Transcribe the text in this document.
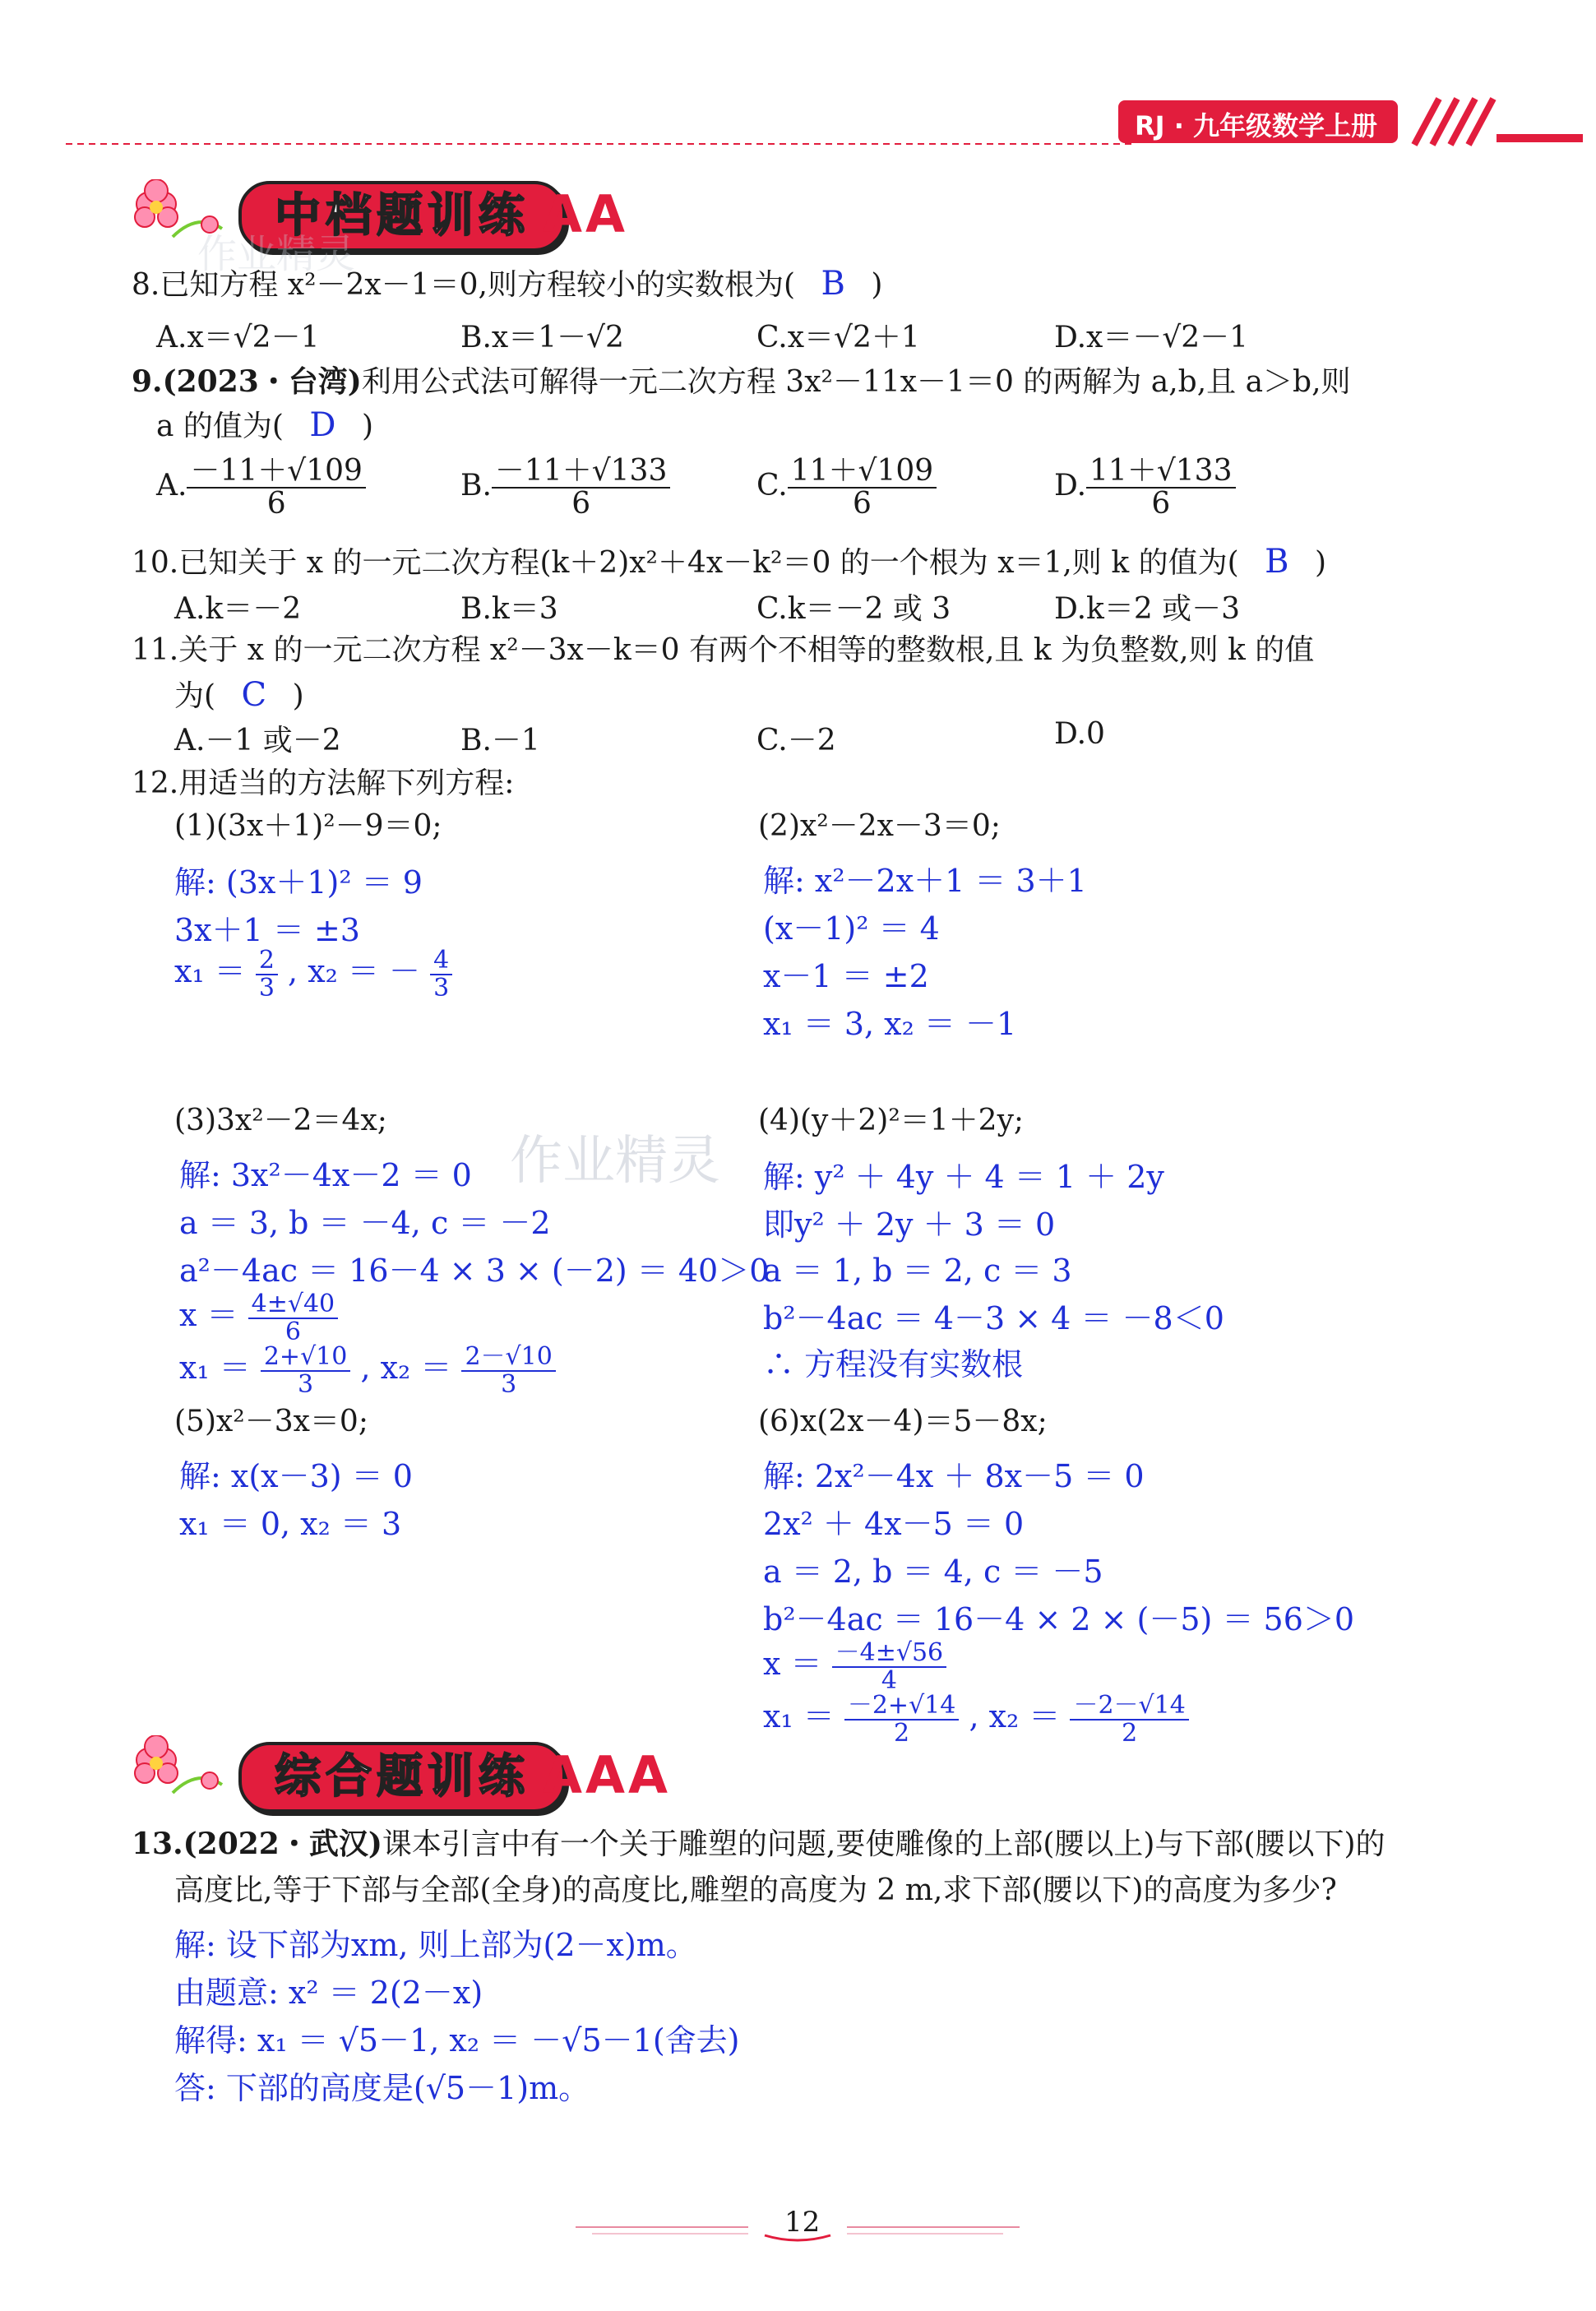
RJ · 九年级数学上册
中档题训练 AA
8.已知方程 x²－2x－1＝0,则方程较小的实数根为( B )
A.x＝√2－1	B.x＝1－√2	C.x＝√2＋1	D.x＝－√2－1
9.(2023・台湾)利用公式法可解得一元二次方程 3x²－11x－1＝0 的两解为 a,b,且 a＞b,则
a 的值为( D )
A. $\frac{-11+√109}{6}$	B. $\frac{-11+√133}{6}$	C. $\frac{11+√109}{6}$	D. $\frac{11+√133}{6}$
10.已知关于 x 的一元二次方程(k＋2)x²＋4x－k²＝0 的一个根为 x＝1,则 k 的值为( B )
A.k＝－2	B.k＝3	C.k＝－2 或 3	D.k＝2 或－3
11.关于 x 的一元二次方程 x²－3x－k＝0 有两个不相等的整数根,且 k 为负整数,则 k 的值
为( C )
A.－1 或－2	B.－1	C.－2	D.0
12.用适当的方法解下列方程:
(1)(3x＋1)²－9＝0;
解: (3x＋1)² ＝ 9
3x＋1 ＝ ±3
$x_1 = \frac{2}{3}$ , x₂ ＝ － $\frac{4}{3}$
(2)x²－2x－3＝0;
解: x²－2x＋1 ＝ 3＋1
(x－1)² ＝ 4
x－1 ＝ ±2
x₁ ＝ 3, x₂ ＝ －1
(3)3x²－2＝4x;
解: 3x²－4x－2 ＝ 0
a ＝ 3, b ＝ －4, c ＝ －2
a²－4ac ＝ 16－4 × 3 × (－2) ＝ 40＞0
$x = \frac{4\pm√40}{6}$
$x_1 = \frac{2+√10}{3}$ , $x_2 = \frac{2-√10}{3}$
(4)(y＋2)²＝1＋2y;
解: y² ＋ 4y ＋ 4 ＝ 1 ＋ 2y
即y² ＋ 2y ＋ 3 ＝ 0
a ＝ 1, b ＝ 2, c ＝ 3
b²－4ac ＝ 4－3 × 4 ＝ －8＜0
∴ 方程没有实数根
(5)x²－3x＝0;
解: x(x－3) ＝ 0
x₁ ＝ 0, x₂ ＝ 3
(6)x(2x－4)＝5－8x;
解: 2x²－4x ＋ 8x－5 ＝ 0
2x² ＋ 4x－5 ＝ 0
a ＝ 2, b ＝ 4, c ＝ －5
b²－4ac ＝ 16－4 × 2 × (－5) ＝ 56＞0
$x = \frac{-4\pm√56}{4}$
$x_1 = \frac{-2+√14}{2}$ , $x_2 = \frac{-2-√14}{2}$
作业精灵
作业精灵
综合题训练 AAA
13.(2022・武汉)课本引言中有一个关于雕塑的问题,要使雕像的上部(腰以上)与下部(腰以下)的
高度比,等于下部与全部(全身)的高度比,雕塑的高度为 2 m,求下部(腰以下)的高度为多少?
解: 设下部为xm, 则上部为(2－x)m。
由题意: x² ＝ 2(2－x)
解得: x₁ ＝ √5－1, x₂ ＝ －√5－1(舍去)
答: 下部的高度是(√5－1)m。
12
